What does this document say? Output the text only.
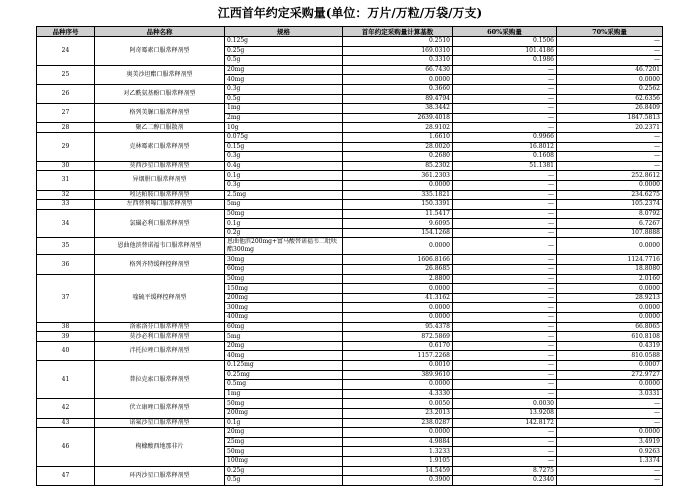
江西首年约定采购量(单位：万片/万粒/万袋/万支)
品种序号	品种名称	规格	首年约定采购量计算基数	60%采购量	70%采购量
24	阿奇霉素口服常释剂型	0.125g	0.2510	0.1506	—
		0.25g	169.0310	101.4186	—
		0.5g	0.3310	0.1986	—
25	奥美沙坦酯口服常释剂型	20mg	66.7430	—	46.7201
		40mg	0.0000	—	0.0000
26	对乙酰氨基酚口服常释剂型	0.3g	0.3660	—	0.2562
		0.5g	89.4794	—	62.6356
27	格列美脲口服常释剂型	1mg	38.3442	—	26.8409
		2mg	2639.4018	—	1847.5813
28	聚乙二醇口服散剂	10g	28.9102	—	20.2371
29	克林霉素口服常释剂型	0.075g	1.6610	0.9966	—
		0.15g	28.0020	16.8012	—
		0.3g	0.2680	0.1608	—
30	莫西沙星口服常释剂型	0.4g	85.2302	51.1381	—
31	异烟肼口服常释剂型	0.1g	361.2303	—	252.8612
		0.3g	0.0000	—	0.0000
32	吲达帕胺口服常释剂型	2.5mg	335.1821	—	234.6275
33	左西替利嗪口服常释剂型	5mg	150.3391	—	105.2374
34	氯磺必利口服常释剂型	50mg	11.5417	—	8.0792
		0.1g	9.6095	—	6.7267
		0.2g	154.1268	—	107.8888
35	恩曲他滨替诺福韦口服常释剂型	恩曲他滨200mg+富马酸替诺福韦二吡呋酯300mg	0.0000	—	0.0000
36	格列齐特缓释控释剂型	30mg	1606.8166	—	1124.7716
		60mg	26.8685	—	18.8080
37	喹硫平缓释控释剂型	50mg	2.8800	—	2.0160
		150mg	0.0000	—	0.0000
		200mg	41.3162	—	28.9213
		300mg	0.0000	—	0.0000
		400mg	0.0000	—	0.0000
38	洛索洛芬口服常释剂型	60mg	95.4378	—	66.8065
39	莫沙必利口服常释剂型	5mg	872.5869	—	610.8108
40	泮托拉唑口服常释剂型	20mg	0.6170	—	0.4319
		40mg	1157.2268	—	810.0588
41	普拉克索口服常释剂型	0.125mg	0.0010	—	0.0007
		0.25mg	389.9610	—	272.9727
		0.5mg	0.0000	—	0.0000
		1mg	4.3330	—	3.0331
42	伏立康唑口服常释剂型	50mg	0.0050	0.0030	—
		200mg	23.2013	13.9208	—
43	诺氟沙星口服常释剂型	0.1g	238.0287	142.8172	—
46	枸橼酸西地那非片	20mg	0.0000	—	0.0000
		25mg	4.9884	—	3.4919
		50mg	1.3233	—	0.9263
		100mg	1.9105	—	1.3374
47	环丙沙星口服常释剂型	0.25g	14.5459	8.7275	—
		0.5g	0.3900	0.2340	—
